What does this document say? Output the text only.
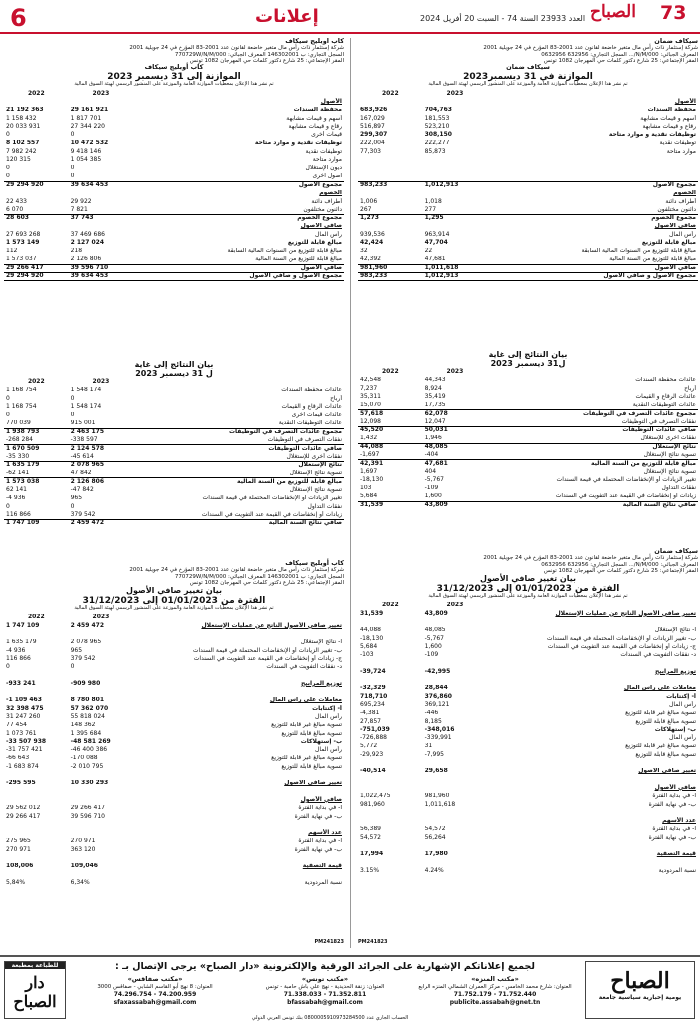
6	إعلانات	العدد 23933 السنة 74 - السبت 20 أفريل 2024 الصباح 73
سيكاف ضمان
شركة إستثمار ذات رأس مال متغير خاضعة لقانون عدد 2001-83 المؤرخ في 24 جويلية 2001
المعرف الجبائي: N/M/000/... السجل التجاري: 632956 0632956
المقر الإجتماعي: 25 شارع دكتور كلمات حي المهرجان 1082 تونس
سيكاف ضمان
الموازنة في 31 ديسمبر2023
تم نشر هذا الإعلان بمعطيات الموازنة العامة والموزعة على المنشور الرسمي لهيئة السوق المالية
	2023	2022
الأصول		
محفظة السندات	704,763	683,926
أسهم و قيمات مشابهة	181,553	167,029
رقاع و قيمات مشابهة	523,210	516,897
توظيفات نقدية و موارد متاحة	308,150	299,307
توظيفات نقدية	222,277	222,004
موارد متاحة	85,873	77,303

مجموع الأصول	1,012,913	983,233
الخصوم		
أطراف دائنة	1,018	1,006
دائنون مختلفون	277	267
مجموع الخصوم	1,295	1,273
صافي الأصول		
رأس المال	963,914	939,536
مبالغ قابلة للتوزيع	47,704	42,424
مبالغ قابلة للتوزيع من السنوات المالية السابقة	22	32
مبالغ قابلة للتوزيع من السنة المالية	47,681	42,392
صافي الأصول	1,011,618	981,960
مجموع الأصول و صافي الأصول	1,012,913	983,233
بيان النتائج إلى غاية
ل31 ديسمبر 2023
	2023	2022
عائدات محفظة السندات	44,343	42,548
أرباح	8,924	7,237
عائدات الرقاع و القيمات	35,419	35,311
عائدات التوظيفات النقدية	17,735	15,070
مجموع عائدات التصرف في التوظيفات	62,078	57,618
نفقات التصرف في التوظيفات	12,047	12,098
صافي عائدات التوظيفات	50,031	45,520
نفقات أخرى للإستغلال	1,946	1,432
نتائج الإستغلال	48,085	44,088
تسوية نتائج الإستغلال	-404	-1,697
مبالغ قابلة للتوزيع من السنة المالية	47,681	42,391
تسوية نتائج الإستغلال	404	1,697
تغيير الزيادات أو الإنخفاضات المحتملة في قيمة السندات	-5,767	-18,130
نفقات التداول	-109	103
زيادات أو إنخفاضات في القيمة عند التفويت في السندات	1,600	5,684
صافي نتائج السنة المالية	43,809	31,539
سيكاف ضمان
شركة إستثمار ذات رأس مال متغير خاضعة لقانون عدد 2001-83 المؤرخ في 24 جويلية 2001
المعرف الجبائي: N/M/000/... السجل التجاري: 632956 0632956
المقر الإجتماعي: 25 شارع دكتور كلمات حي المهرجان 1082 تونس
بيان تغيير صافي الأصول
الفترة من 01/01/2023 إلى 31/12/2023
تم نشر هذا الإعلان بمعطيات الموازنة العامة والموزعة على المنشور الرسمي لهيئة السوق المالية
	2023	2022
تغيير صافي الأصول الناتج عن عمليات الإستغلال	43,809	31,539

أ- نتائج الإستغلال	48,085	44,088
ب- تغيير الزيادات أو الإنخفاضات المحتملة في قيمة السندات	-5,767	-18,130
ج- زيادات أو إنخفاضات في القيمة عند التفويت في السندات	1,600	5,684
د- نفقات التفويت في السندات	-109	-103

توزيع المرابيح	-42,995	-39,724

معاملات على رأس المال	28,844	-32,329
أ- إكتتابات	376,860	718,710
رأس المال	369,121	695,234
تسوية مبالغ غير قابلة للتوزيع	-446	-4,381
تسوية مبالغ قابلة للتوزيع	8,185	27,857
ب- إستهلاكات	-348,016	-751,039
رأس المال	-339,991	-726,888
تسوية مبالغ غير قابلة للتوزيع	31	5,772
تسوية مبالغ قابلة للتوزيع	-7,995	-29,923

تغيير صافي الأصول	29,658	-40,514

صافي الأصول		
أ- في بداية الفترة	981,960	1,022,475
ب- في نهاية الفترة	1,011,618	981,960

عدد الأسهم		
أ- في بداية الفترة	54,572	56,389
ب- في نهاية الفترة	56,264	54,572

قيمة التصفية	17,980	17,994

نسبة المردودية	4.24%	3.15%
PM241823
كاب أوبليج سيكاف
شركة إستثمار ذات رأس مال متغير خاضعة لقانون عدد 2001-83 المؤرخ في 24 جويلية 2001
السجل التجاري: ب 146302001 المعرف الجبائي: 770729W/N/M/000
المقر الإجتماعي: 25 شارع دكتور كلمات حي المهرجان 1082 تونس
كاب أوبليج سيكاف
الموازنة إلى 31 ديسمبر 2023
تم نشر هذا الإعلان بمعطيات الموازنة العامة والموزعة على المنشور الرسمي لهيئة السوق المالية
	2023	2022
الأصول		
محفظة السندات	29 161 921	21 192 363
أسهم و قيمات مشابهة	1 817 701	1 158 432
رقاع و قيمات مشابهة	27 344 220	20 033 931
قيمات أخرى	0	0
توظيفات نقدية و موارد متاحة	10 472 532	8 102 557
توظيفات نقدية	9 418 146	7 982 242
موارد متاحة	1 054 385	120 315
ديون الإستغلال	0	0
أصول أخرى	0	0
مجموع الأصول	39 634 453	29 294 920
الخصوم		
أطراف دائنة	29 922	22 433
دائنون مختلفون	7 821	6 070
مجموع الخصوم	37 743	28 603
صافي الأصول		
رأس المال	37 469 686	27 693 268
مبالغ قابلة للتوزيع	2 127 024	1 573 149
مبالغ قابلة للتوزيع من السنوات المالية السابقة	218	112
مبالغ قابلة للتوزيع من السنة المالية	2 126 806	1 573 037
صافي الأصول	39 596 710	29 266 417
مجموع الأصول و صافي الأصول	39 634 453	29 294 920
بيان النتائج إلى غاية
ل 31 ديسمبر 2023
	2023	2022
عائدات محفظة السندات	1 548 174	1 168 754
أرباح	0	0
عائدات الرقاع و القيمات	1 548 174	1 168 754
عائدات قيمات أخرى	0	0
عائدات التوظيفات النقدية	915 001	770 039
مجموع عائدات التصرف في التوظيفات	2 463 175	1 938 793
نفقات التصرف في التوظيفات	-338 597	-268 284
صافي عائدات التوظيفات	2 124 578	1 670 509
نفقات أخرى للإستغلال	-45 614	-35 330
نتائج الإستغلال	2 078 965	1 635 179
تسوية نتائج الإستغلال	47 842	-62 141
مبالغ قابلة للتوزيع من السنة المالية	2 126 806	1 573 038
تسوية نتائج الإستغلال	-47 842	62 141
تغيير الزيادات أو الإنخفاضات المحتملة في قيمة السندات	965	-4 936
نفقات التداول	0	0
زيادات أو إنخفاضات في القيمة عند التفويت في السندات	379 542	116 866
صافي نتائج السنة المالية	2 459 472	1 747 109
كاب أوبليج سيكاف
شركة إستثمار ذات رأس مال متغير خاضعة لقانون عدد 2001-83 المؤرخ في 24 جويلية 2001
السجل التجاري: ب 146302001 المعرف الجبائي: 770729W/N/M/000
المقر الإجتماعي: 25 شارع دكتور كلمات حي المهرجان 1082 تونس
بيان تغيير صافي الأصول
الفترة من 01/01/2023 إلى 31/12/2023
تم نشر هذا الإعلان بمعطيات الموازنة العامة والموزعة على المنشور الرسمي لهيئة السوق المالية
	2023	2022
تغيير صافي الأصول الناتج عن عمليات الإستغلال	2 459 472	1 747 109

أ- نتائج الإستغلال	2 078 965	1 635 179
ب- تغيير الزيادات أو الإنخفاضات المحتملة في قيمة السندات	965	-4 936
ج- زيادات أو إنخفاضات في القيمة عند التفويت في السندات	379 542	116 866
د- نفقات التفويت في السندات	0	0

توزيع المرابيح	-909 980	-933 241

معاملات على رأس المال	8 780 801	-1 109 463
أ- إكتتابات	57 362 070	32 398 475
رأس المال	55 818 024	31 247 260
تسوية مبالغ غير قابلة للتوزيع	148 362	77 454
تسوية مبالغ قابلة للتوزيع	1 395 684	1 073 761
ب- إستهلاكات	-48 581 269	-33 507 938
رأس المال	-46 400 386	-31 757 421
تسوية مبالغ غير قابلة للتوزيع	-170 088	-66 643
تسوية مبالغ قابلة للتوزيع	-2 010 795	-1 683 874

تغيير صافي الأصول	10 330 293	-295 595

صافي الأصول		
أ- في بداية الفترة	29 266 417	29 562 012
ب- في نهاية الفترة	39 596 710	29 266 417

عدد الأسهم		
أ- في بداية الفترة	270 971	275 965
ب- في نهاية الفترة	363 120	270 971

قيمة التصفية	109,046	108,006

نسبة المردودية	6,34%	5,84%
PM241823
الصباح
يومية إخبارية سياسية جامعة
لجميع إعلاناتكم الإشهارية على الجرائد الورقية والإلكترونية «دار الصباح» يرجى الإتصال بـ :
«مكتب المنزه»
العنوان: شارع محمد الخامس - مركز العمران الشمالي المنزه الرابع
71.752.179 - 71.752.440
publicite.assabah@gnet.tn
«مكتب تونس»
العنوان: زنقة الحديدية - نهج علي باش حامبة - تونس
71.338.033 - 71.352.811
bfassabah@gmail.com
«مكتب صفاقس»
العنوان: 8 نهج أبو القاسم الشابي - صفاقس 3000
74.296.754 - 74.200.959
sfaxassabah@gmail.com
الحساب الجاري عدد 0800005910973284500 بنك تونس العربي الدولي
للطباعة بمطبعة
دار الصباح
